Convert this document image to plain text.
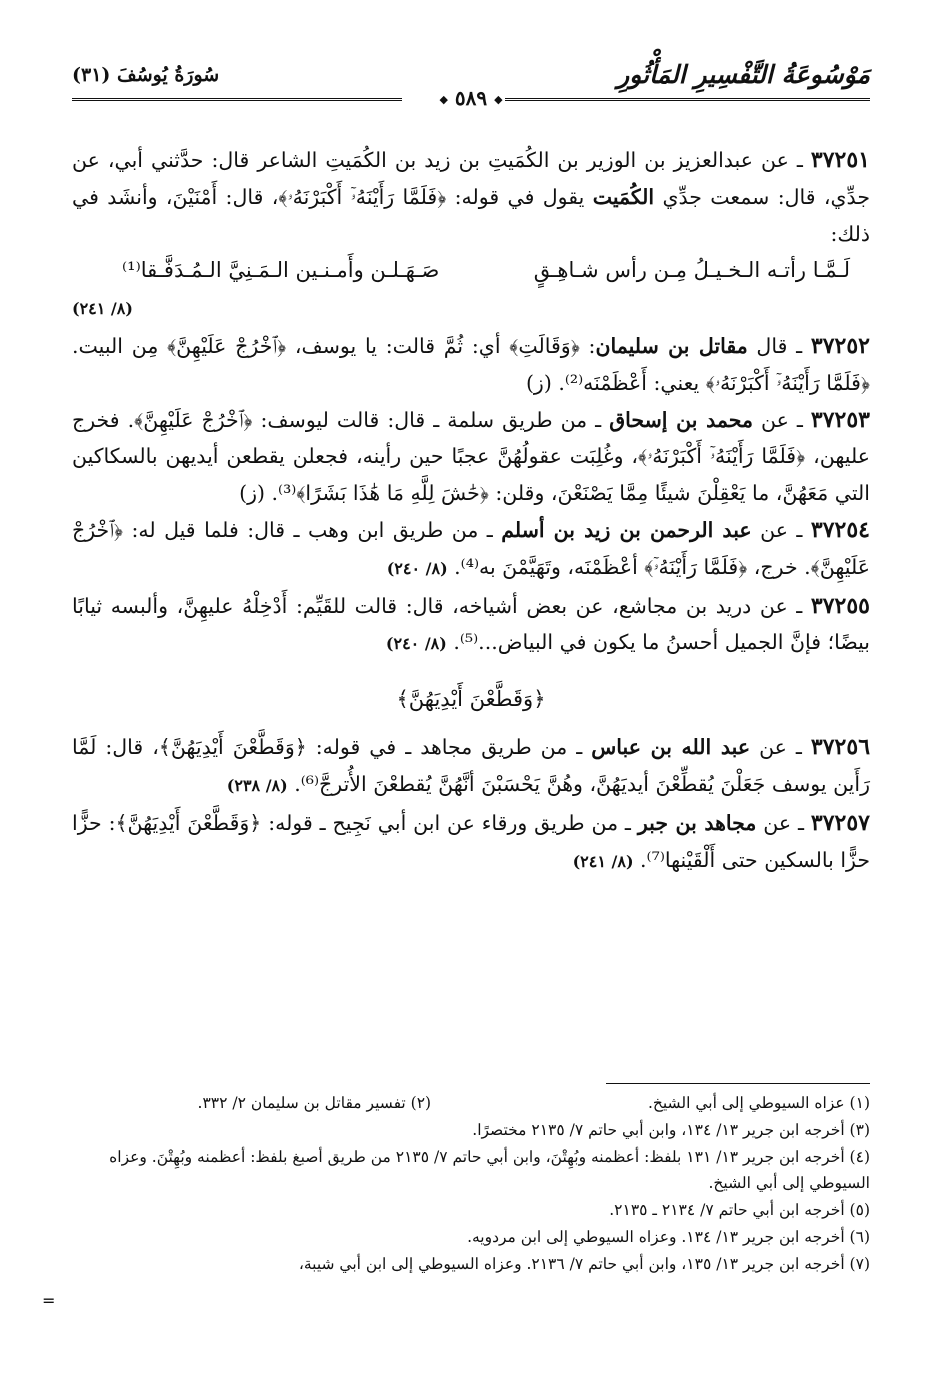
مَوْسُوعَةُ التَّفْسِيرِ المَأْثُورِ
سُورَةُ يُوسُفَ (٣١)
◆ ٥٨٩ ◆

٣٧٢٥١ ـ عن عبدالعزيز بن الوزير بن الكُمَيتِ بن زيد بن الكُمَيتِ الشاعر قال: حدَّثني أبي، عن جدِّي، قال: سمعت جدِّي الكُمَيت يقول في قوله: ﴿فَلَمَّا رَأَيْنَهُۥٓ أَكْبَرْنَهُۥ﴾، قال: أَمْنَيْنَ، وأنشَد في ذلك:

لَـمَّـا رأتـه الـخـيـلُ مِـن رأس شـاهِـقٍ
صَـهَـلـن وأَمـنـين الـمَـنِيَّ الـمُـدَفَّـقا⁽¹⁾
(٨/ ٢٤١)

٣٧٢٥٢ ـ قال مقاتل بن سليمان: ﴿وَقَالَتِ﴾ أي: ثُمَّ قالت: يا يوسف، ﴿ٱخْرُجْ عَلَيْهِنَّ﴾ مِن البيت. ﴿فَلَمَّا رَأَيْنَهُۥٓ أَكْبَرْنَهُۥ﴾ يعني: أَعْظَمْنَه⁽²⁾. (ز)

٣٧٢٥٣ ـ عن محمد بن إسحاق ـ من طريق سلمة ـ قال: قالت ليوسف: ﴿ٱخْرُجْ عَلَيْهِنَّ﴾. فخرج عليهن، ﴿فَلَمَّا رَأَيْنَهُۥٓ أَكْبَرْنَهُۥ﴾، وغُلِبَت عقولُهُنَّ عجبًا حين رأينه، فجعلن يقطعن أيديهن بالسكاكين التي مَعَهُنَّ، ما يَعْقِلْنَ شيئًا مِمَّا يَصْنَعْنَ، وقلن: ﴿حَٰشَ لِلَّهِ مَا هَٰذَا بَشَرًا﴾⁽³⁾. (ز)

٣٧٢٥٤ ـ عن عبد الرحمن بن زيد بن أسلم ـ من طريق ابن وهب ـ قال: فلما قيل له: ﴿ٱخْرُجْ عَلَيْهِنَّ﴾. خرج، ﴿فَلَمَّا رَأَيْنَهُۥٓ﴾ أعْظَمْنَه، وتَهَيَّمْنَ به⁽⁴⁾. (٨/ ٢٤٠)

٣٧٢٥٥ ـ عن دريد بن مجاشع، عن بعض أشياخه، قال: قالت للقَيِّم: أَدْخِلْهُ عليهِنَّ، وألبسه ثيابًا بيضًا؛ فإنَّ الجميل أحسنُ ما يكون في البياض...⁽⁵⁾. (٨/ ٢٤٠)

﴿وَقَطَّعْنَ أَيْدِيَهُنَّ﴾

٣٧٢٥٦ ـ عن عبد الله بن عباس ـ من طريق مجاهد ـ في قوله: ﴿وَقَطَّعْنَ أَيْدِيَهُنَّ﴾، قال: لَمَّا رَأَين يوسف جَعَلْنَ يُقطِّعْنَ أيديَهُنَّ، وهُنَّ يَحْسَبْنَ أنَّهُنَّ يُقطعْنَ الأُترجَّ⁽⁶⁾. (٨/ ٢٣٨)

٣٧٢٥٧ ـ عن مجاهد بن جبر ـ من طريق ورقاء عن ابن أبي نَجِيح ـ قوله: ﴿وَقَطَّعْنَ أَيْدِيَهُنَّ﴾: حزًّا حزًّا بالسكين حتى أَلْقَيْنها⁽⁷⁾. (٨/ ٢٤١)

(١) عزاه السيوطي إلى أبي الشيخ.
(٢) تفسير مقاتل بن سليمان ٢/ ٣٣٢.
(٣) أخرجه ابن جرير ١٣/ ١٣٤، وابن أبي حاتم ٧/ ٢١٣٥ مختصرًا.
(٤) أخرجه ابن جرير ١٣/ ١٣١ بلفظ: أعظمنه وبُهِتْنَ، وابن أبي حاتم ٧/ ٢١٣٥ من طريق أصبغ بلفظ: أعظمنه وبُهِتْنَ. وعزاه السيوطي إلى أبي الشيخ.
(٥) أخرجه ابن أبي حاتم ٧/ ٢١٣٤ ـ ٢١٣٥.
(٦) أخرجه ابن جرير ١٣/ ١٣٤. وعزاه السيوطي إلى ابن مردويه.
(٧) أخرجه ابن جرير ١٣/ ١٣٥، وابن أبي حاتم ٧/ ٢١٣٦. وعزاه السيوطي إلى ابن أبي شيبة،
=
